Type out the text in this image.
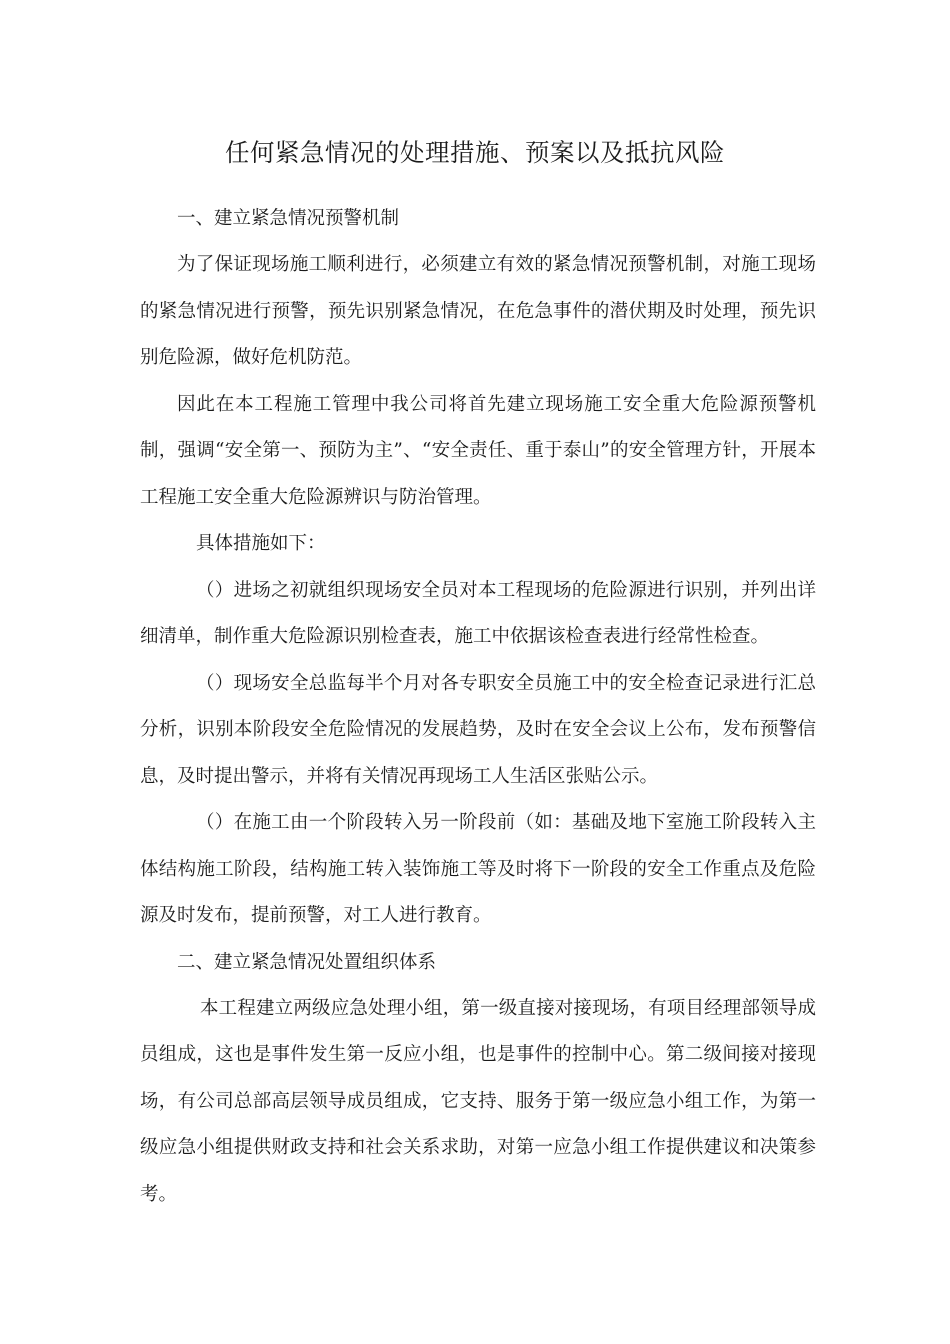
任何紧急情况的处理措施、预案以及抵抗风险

一、建立紧急情况预警机制

为了保证现场施工顺利进行，必须建立有效的紧急情况预警机制，对施工现场的紧急情况进行预警，预先识别紧急情况，在危急事件的潜伏期及时处理，预先识别危险源，做好危机防范。

因此在本工程施工管理中我公司将首先建立现场施工安全重大危险源预警机制，强调“安全第一、预防为主”、“安全责任、重于泰山”的安全管理方针，开展本工程施工安全重大危险源辨识与防治管理。

具体措施如下：

（）进场之初就组织现场安全员对本工程现场的危险源进行识别，并列出详细清单，制作重大危险源识别检查表，施工中依据该检查表进行经常性检查。

（）现场安全总监每半个月对各专职安全员施工中的安全检查记录进行汇总分析，识别本阶段安全危险情况的发展趋势，及时在安全会议上公布，发布预警信息，及时提出警示，并将有关情况再现场工人生活区张贴公示。

（）在施工由一个阶段转入另一阶段前（如：基础及地下室施工阶段转入主体结构施工阶段，结构施工转入装饰施工等及时将下一阶段的安全工作重点及危险源及时发布，提前预警，对工人进行教育。

二、建立紧急情况处置组织体系

本工程建立两级应急处理小组，第一级直接对接现场，有项目经理部领导成员组成，这也是事件发生第一反应小组，也是事件的控制中心。第二级间接对接现场，有公司总部高层领导成员组成，它支持、服务于第一级应急小组工作，为第一级应急小组提供财政支持和社会关系求助，对第一应急小组工作提供建议和决策参考。
